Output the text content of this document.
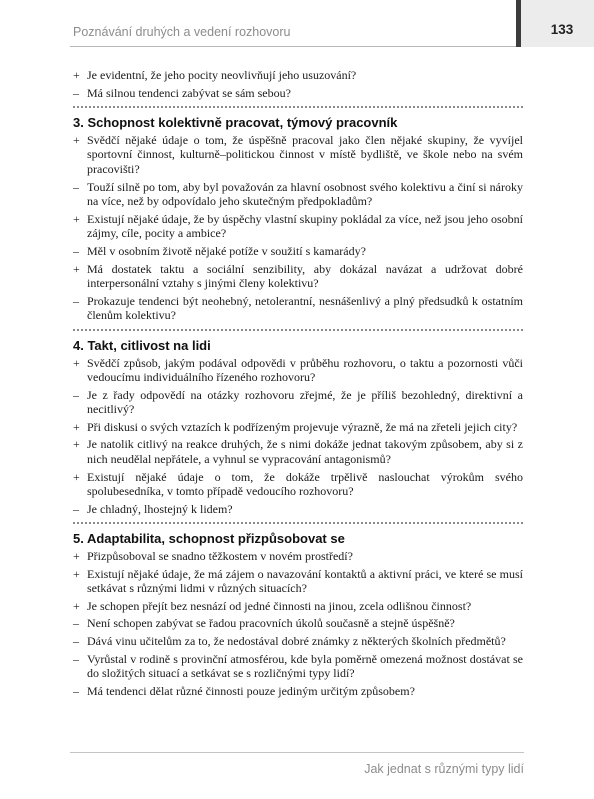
Poznávání druhých a vedení rozhovoru	133
+ Je evidentní, že jeho pocity neovlivňují jeho usuzování?
– Má silnou tendenci zabývat se sám sebou?
3. Schopnost kolektivně pracovat, týmový pracovník
+ Svědčí nějaké údaje o tom, že úspěšně pracoval jako člen nějaké skupiny, že vyvíjel sportovní činnost, kulturně–politickou činnost v místě bydliště, ve škole nebo na svém pracovišti?
– Touží silně po tom, aby byl považován za hlavní osobnost svého kolektivu a činí si nároky na více, než by odpovídalo jeho skutečným předpokladům?
+ Existují nějaké údaje, že by úspěchy vlastní skupiny pokládal za více, než jsou jeho osobní zájmy, cíle, pocity a ambice?
– Měl v osobním životě nějaké potíže v soužití s kamarády?
+ Má dostatek taktu a sociální senzibility, aby dokázal navázat a udržovat dobré interpersonální vztahy s jinými členy kolektivu?
– Prokazuje tendenci být neohebný, netolerantní, nesnášenlivý a plný předsudků k ostatním členům kolektivu?
4. Takt, citlivost na lidi
+ Svědčí způsob, jakým podával odpovědi v průběhu rozhovoru, o taktu a pozornosti vůči vedoucímu individuálního řízeného rozhovoru?
– Je z řady odpovědí na otázky rozhovoru zřejmé, že je příliš bezohledný, direktivní a necitlivý?
+ Při diskusi o svých vztazích k podřízeným projevuje výrazně, že má na zřeteli jejich city?
+ Je natolik citlivý na reakce druhých, že s nimi dokáže jednat takovým způsobem, aby si z nich neudělal nepřátele, a vyhnul se vypracování antagonismů?
+ Existují nějaké údaje o tom, že dokáže trpělivě naslouchat výrokům svého spolubesedníka, v tomto případě vedoucího rozhovoru?
– Je chladný, lhostejný k lidem?
5. Adaptabilita, schopnost přizpůsobovat se
+ Přizpůsoboval se snadno těžkostem v novém prostředí?
+ Existují nějaké údaje, že má zájem o navazování kontaktů a aktivní práci, ve které se musí setkávat s různými lidmi v různých situacích?
+ Je schopen přejít bez nesnází od jedné činnosti na jinou, zcela odlišnou činnost?
– Není schopen zabývat se řadou pracovních úkolů současně a stejně úspěšně?
– Dává vinu učitelům za to, že nedostával dobré známky z některých školních předmětů?
– Vyrůstal v rodině s provinční atmosférou, kde byla poměrně omezená možnost dostávat se do složitých situací a setkávat se s rozličnými typy lidí?
– Má tendenci dělat různé činnosti pouze jediným určitým způsobem?
Jak jednat s různými typy lidí
